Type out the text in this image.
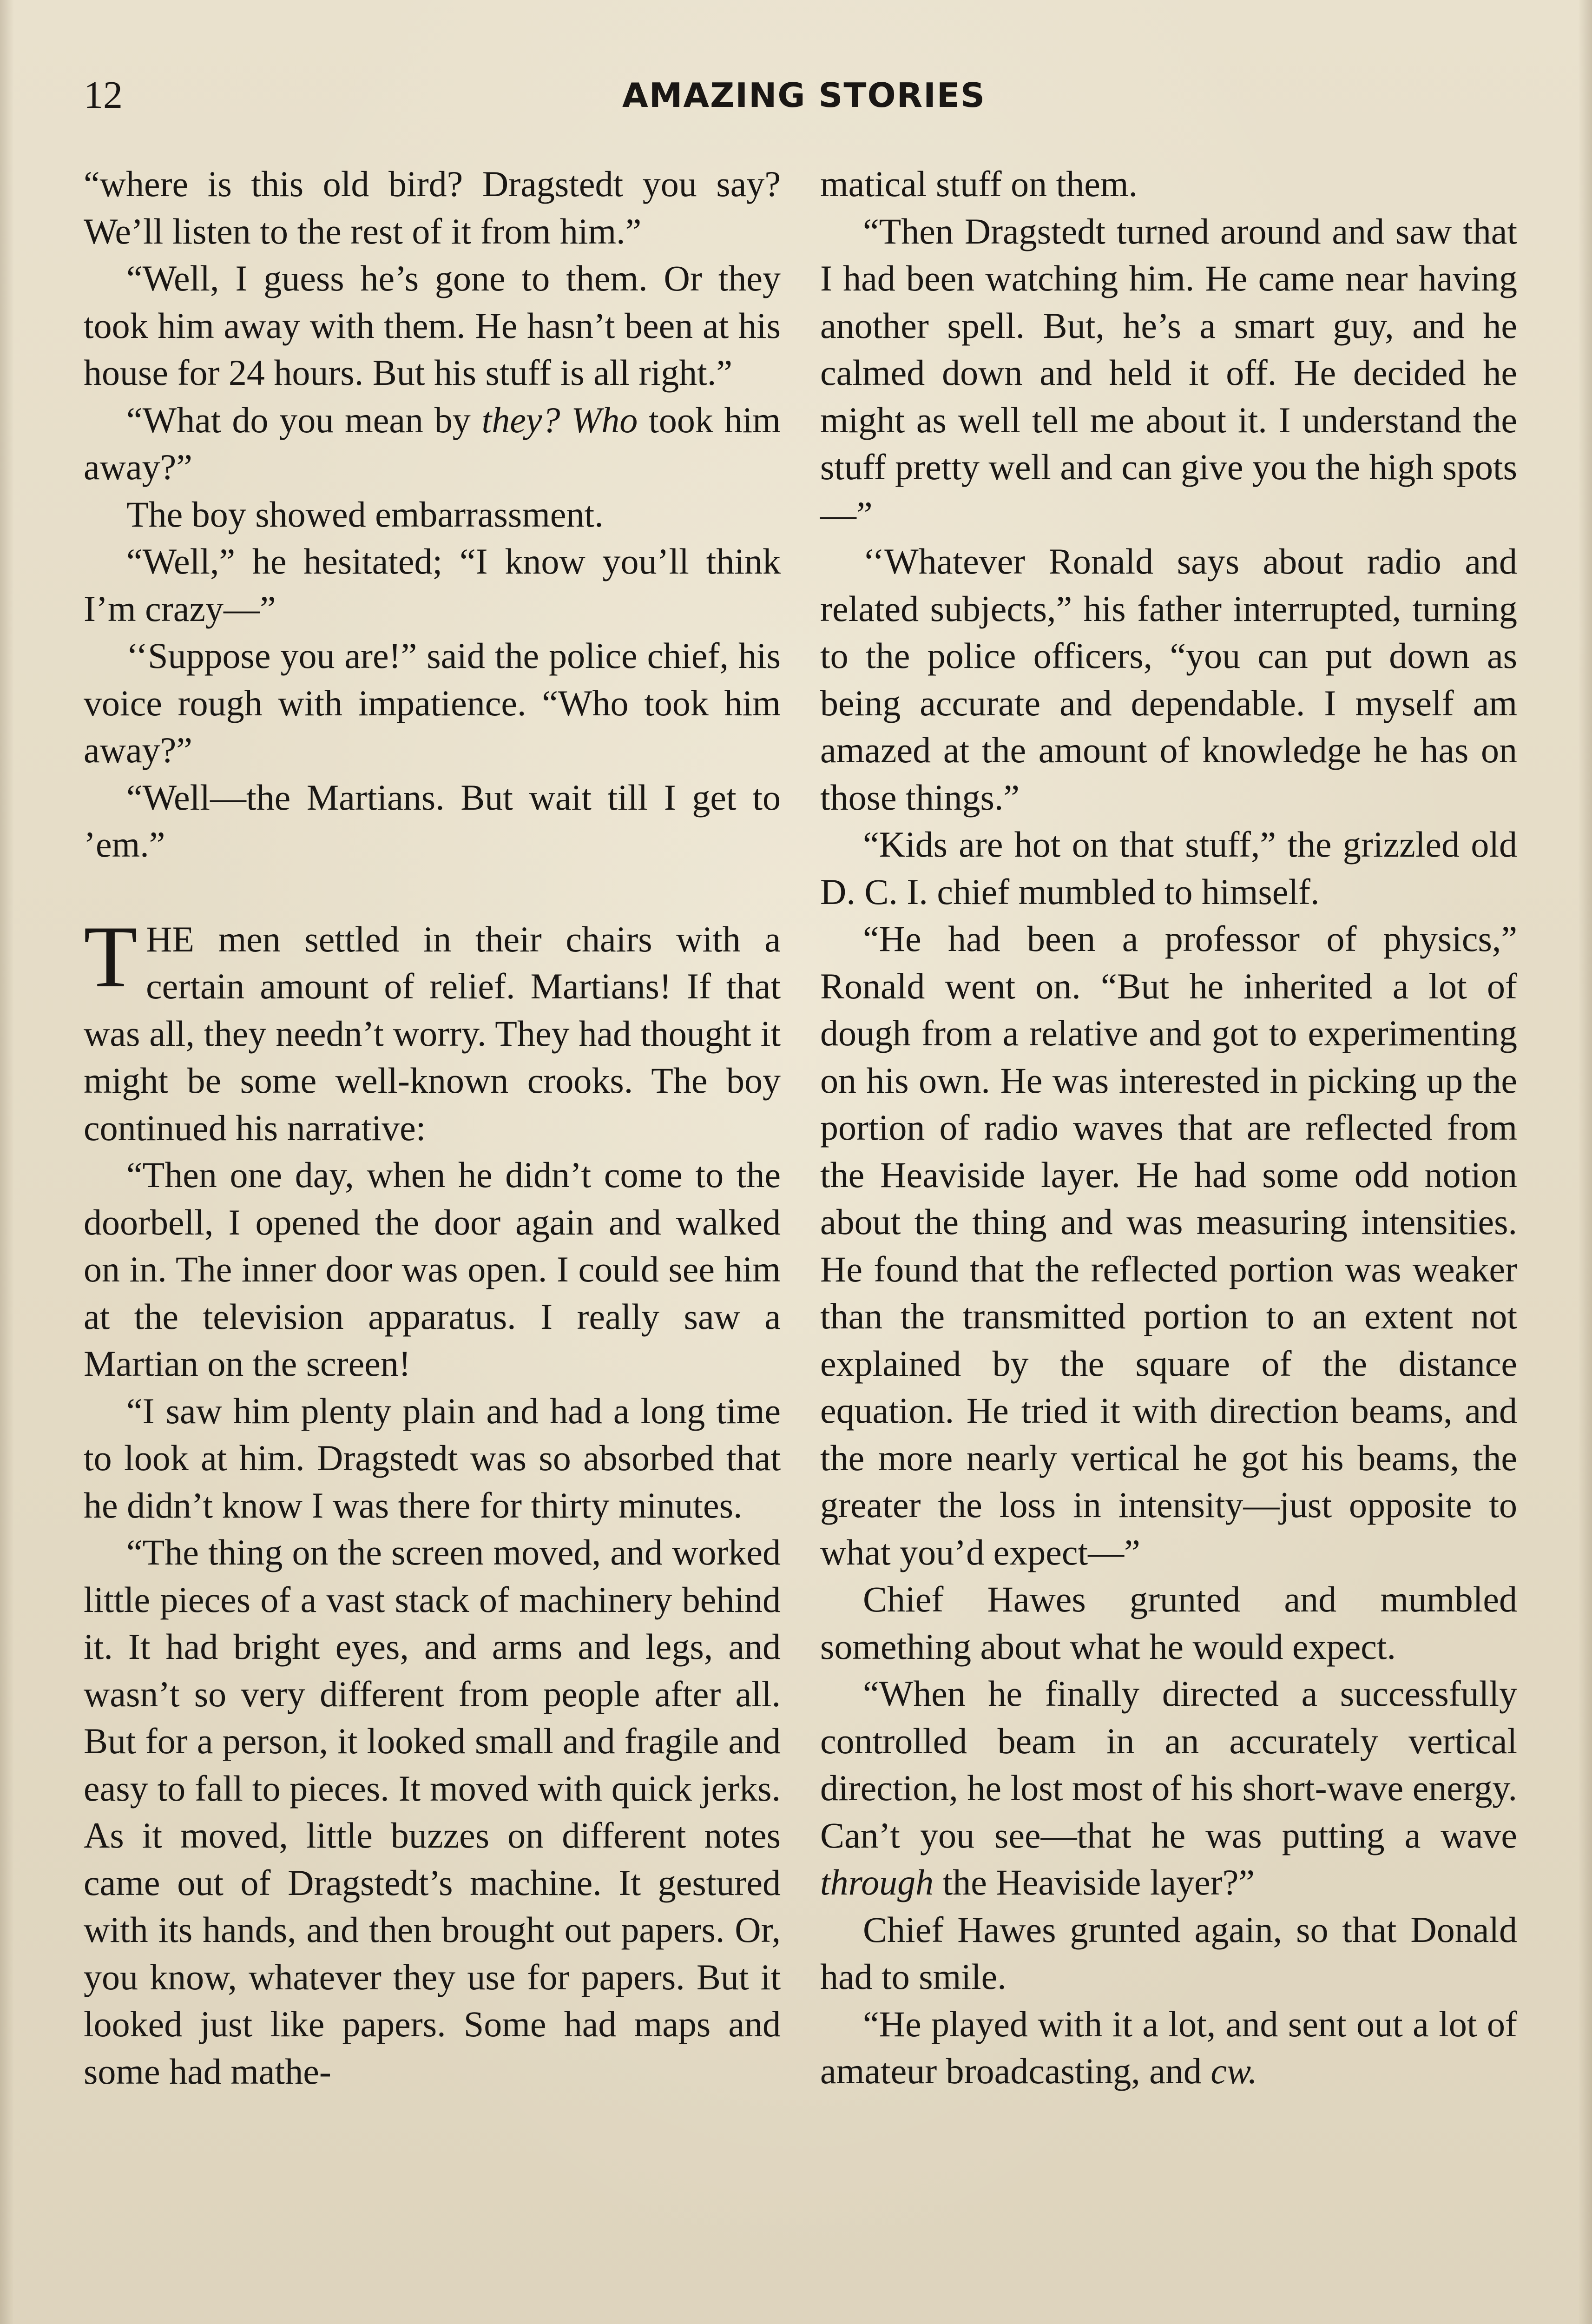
12	AMAZING STORIES

“where is this old bird? Dragstedt you say? We’ll listen to the rest of it from him.”

“Well, I guess he’s gone to them. Or they took him away with them. He hasn’t been at his house for 24 hours. But his stuff is all right.”

“What do you mean by they? Who took him away?”

The boy showed embarrassment.

“Well,” he hesitated; “I know you’ll think I’m crazy—”

‘‘Suppose you are!” said the police chief, his voice rough with impatience. “Who took him away?”

“Well—the Martians. But wait till I get to ’em.”

THE men settled in their chairs with a certain amount of relief. Martians! If that was all, they needn’t worry. They had thought it might be some well-known crooks. The boy continued his narrative:

“Then one day, when he didn’t come to the doorbell, I opened the door again and walked on in. The inner door was open. I could see him at the television apparatus. I really saw a Martian on the screen!

“I saw him plenty plain and had a long time to look at him. Dragstedt was so absorbed that he didn’t know I was there for thirty minutes.

“The thing on the screen moved, and worked little pieces of a vast stack of machinery behind it. It had bright eyes, and arms and legs, and wasn’t so very different from people after all. But for a person, it looked small and fragile and easy to fall to pieces. It moved with quick jerks. As it moved, little buzzes on different notes came out of Dragstedt’s machine. It gestured with its hands, and then brought out papers. Or, you know, whatever they use for papers. But it looked just like papers. Some had maps and some had mathe-

matical stuff on them.

“Then Dragstedt turned around and saw that I had been watching him. He came near having another spell. But, he’s a smart guy, and he calmed down and held it off. He decided he might as well tell me about it. I understand the stuff pretty well and can give you the high spots—”

‘‘Whatever Ronald says about radio and related subjects,” his father interrupted, turning to the police officers, “you can put down as being accurate and dependable. I myself am amazed at the amount of knowledge he has on those things.”

“Kids are hot on that stuff,” the grizzled old D. C. I. chief mumbled to himself.

“He had been a professor of physics,” Ronald went on. “But he inherited a lot of dough from a relative and got to experimenting on his own. He was interested in picking up the portion of radio waves that are reflected from the Heaviside layer. He had some odd notion about the thing and was measuring intensities. He found that the reflected portion was weaker than the transmitted portion to an extent not explained by the square of the distance equation. He tried it with direction beams, and the more nearly vertical he got his beams, the greater the loss in intensity—just opposite to what you’d expect—”

Chief Hawes grunted and mumbled something about what he would expect.

“When he finally directed a successfully controlled beam in an accurately vertical direction, he lost most of his short-wave energy. Can’t you see—that he was putting a wave through the Heaviside layer?”

Chief Hawes grunted again, so that Donald had to smile.

“He played with it a lot, and sent out a lot of amateur broadcasting, and cw.
